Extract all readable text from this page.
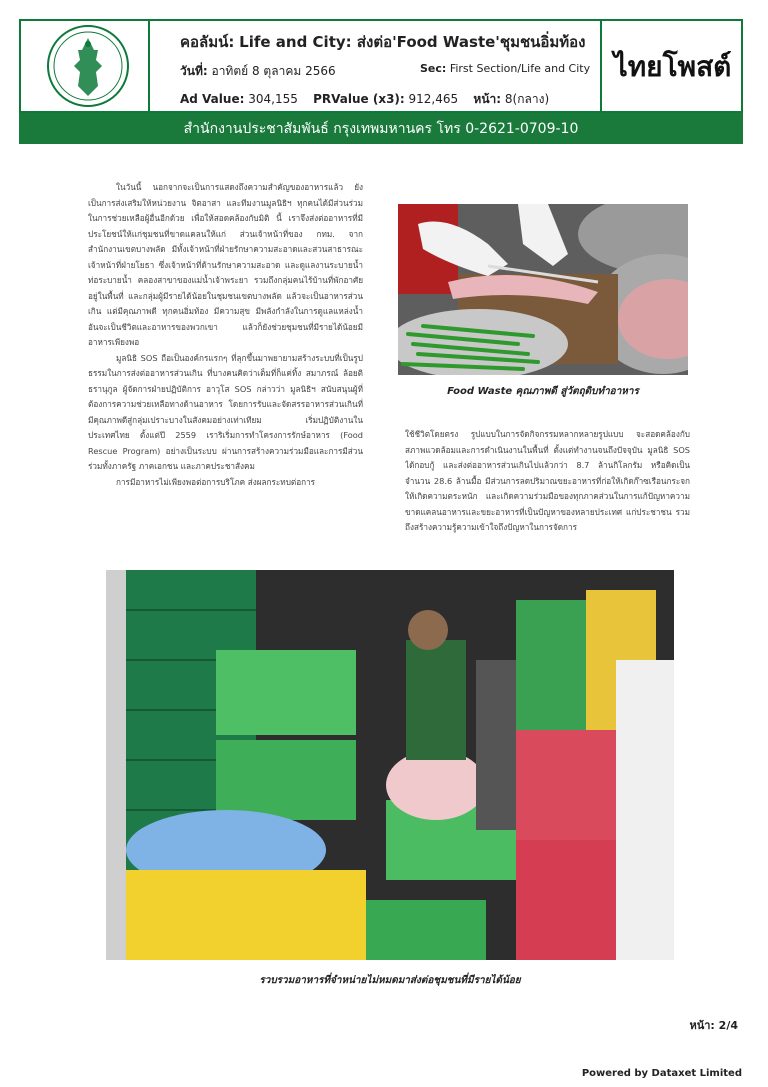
คอลัมน์: Life and City: ส่งต่อ'Food Waste'ชุมชนอิ่มท้อง
วันที่: อาทิตย์ 8 ตุลาคม 2566	Sec: First Section/Life and City
Ad Value: 304,155 PRValue (x3): 912,465 หน้า: 8(กลาง)
ไทยโพสต์
สำนักงานประชาสัมพันธ์ กรุงเทพมหานคร โทร 0-2621-0709-10

ในวันนี้ นอกจากจะเป็นการแสดงถึงความสำคัญของอาหารแล้ว ยังเป็นการส่งเสริมให้หน่วยงาน จิตอาสา และทีมงานมูลนิธิฯ ทุกคนได้มีส่วนร่วมในการช่วยเหลือผู้อื่นอีกด้วย เพื่อให้สอดคล้องกับมิติ นี้ เราจึงส่งต่ออาหารที่มีประโยชน์ให้แก่ชุมชนที่ขาดแคลนให้แก่ ส่วนเจ้าหน้าที่ของ กทม. จากสำนักงานเขตบางพลัด มีทั้งเจ้าหน้าที่ฝ่ายรักษาความสะอาดและสวนสาธารณะ เจ้าหน้าที่ฝ่ายโยธา ซึ่งเจ้าหน้าที่ด้านรักษาความสะอาด และดูแลงานระบายน้ำ ท่อระบายน้ำ คลองสาขาของแม่น้ำเจ้าพระยา รวมถึงกลุ่มคนไร้บ้านที่พักอาศัยอยู่ในพื้นที่ และกลุ่มผู้มีรายได้น้อยในชุมชนเขตบางพลัด แล้วจะเป็นอาหารส่วนเกิน แต่มีคุณภาพดี ทุกคนอิ่มท้อง มีความสุข มีพลังกำลังในการดูแลแหล่งน้ำ อันจะเป็นชีวิตและอาหารของพวกเขา แล้วก็ยังช่วยชุมชนที่มีรายได้น้อยมีอาหารเพียงพอ

มูลนิธิ SOS ถือเป็นองค์กรแรกๆ ที่ลุกขึ้นมาพยายามสร้างระบบที่เป็นรูปธรรมในการส่งต่ออาหารส่วนเกิน ที่บางคนคิดว่าเต็มที่ก็แค่ทิ้ง สมาภรณ์ ล้อยติธรานุกูล ผู้จัดการฝ่ายปฏิบัติการ อาวุโส SOS กล่าวว่า มูลนิธิฯ สนับสนุนผู้ที่ต้องการความช่วยเหลือทางด้านอาหาร โดยการรับและจัดสรรอาหารส่วนเกินที่มีคุณภาพดีสู่กลุ่มเปราะบางในสังคมอย่างเท่าเทียม เริ่มปฏิบัติงานในประเทศไทย ตั้งแต่ปี 2559 เราริเริ่มการทำโครงการรักษ์อาหาร (Food Rescue Program) อย่างเป็นระบบ ผ่านการสร้างความร่วมมือและการมีส่วนร่วมทั้งภาครัฐ ภาคเอกชน และภาคประชาสังคม

การมีอาหารไม่เพียงพอต่อการบริโภค ส่งผลกระทบต่อการ

Food Waste คุณภาพดี สู่วัตถุดิบทำอาหาร

ใช้ชีวิตโดยตรง รูปแบบในการจัดกิจกรรมหลากหลายรูปแบบ จะสอดคล้องกับสภาพแวดล้อมและการดำเนินงานในพื้นที่ ตั้งแต่ทำงานจนถึงปัจจุบัน มูลนิธิ SOS ได้กอบกู้ และส่งต่ออาหารส่วนเกินไปแล้วกว่า 8.7 ล้านกิโลกรัม หรือคิดเป็นจำนวน 28.6 ล้านมื้อ มีส่วนการลดปริมาณขยะอาหารที่ก่อให้เกิดก๊าซเรือนกระจก ให้เกิดความตระหนัก และเกิดความร่วมมือของทุกภาคส่วนในการแก้ปัญหาความขาดแคลนอาหารและขยะอาหารที่เป็นปัญหาของหลายประเทศ แก่ประชาชน รวมถึงสร้างความรู้ความเข้าใจถึงปัญหาในการจัดการ

รวบรวมอาหารที่จำหน่ายไม่หมดมาส่งต่อชุมชนที่มีรายได้น้อย
หน้า: 2/4
Powered by Dataxet Limited
